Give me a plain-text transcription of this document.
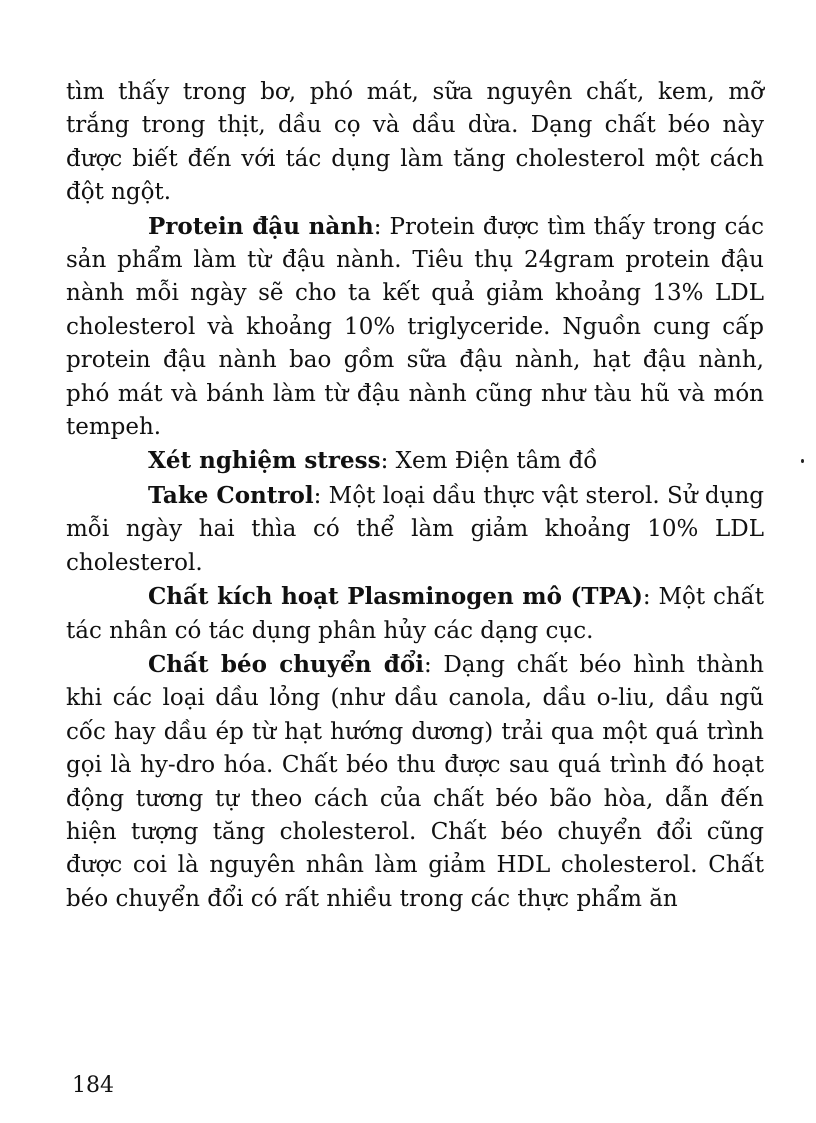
tìm thấy trong bơ, phó mát, sữa nguyên chất, kem, mỡ trắng trong thịt, dầu cọ và dầu dừa. Dạng chất béo này được biết đến với tác dụng làm tăng cholesterol một cách đột ngột.

Protein đậu nành: Protein được tìm thấy trong các sản phẩm làm từ đậu nành. Tiêu thụ 24gram protein đậu nành mỗi ngày sẽ cho ta kết quả giảm khoảng 13% LDL cholesterol và khoảng 10% triglyceride. Nguồn cung cấp protein đậu nành bao gồm sữa đậu nành, hạt đậu nành, phó mát và bánh làm từ đậu nành cũng như tàu hũ và món tempeh.

Xét nghiệm stress: Xem Điện tâm đồ

Take Control: Một loại dầu thực vật sterol. Sử dụng mỗi ngày hai thìa có thể làm giảm khoảng 10% LDL cholesterol.

Chất kích hoạt Plasminogen mô (TPA): Một chất tác nhân có tác dụng phân hủy các dạng cục.

Chất béo chuyển đổi: Dạng chất béo hình thành khi các loại dầu lỏng (như dầu canola, dầu o-liu, dầu ngũ cốc hay dầu ép từ hạt hướng dương) trải qua một quá trình gọi là hy-dro hóa. Chất béo thu được sau quá trình đó hoạt động tương tự theo cách của chất béo bão hòa, dẫn đến hiện tượng tăng cholesterol. Chất béo chuyển đổi cũng được coi là nguyên nhân làm giảm HDL cholesterol. Chất béo chuyển đổi có rất nhiều trong các thực phẩm ăn

184
